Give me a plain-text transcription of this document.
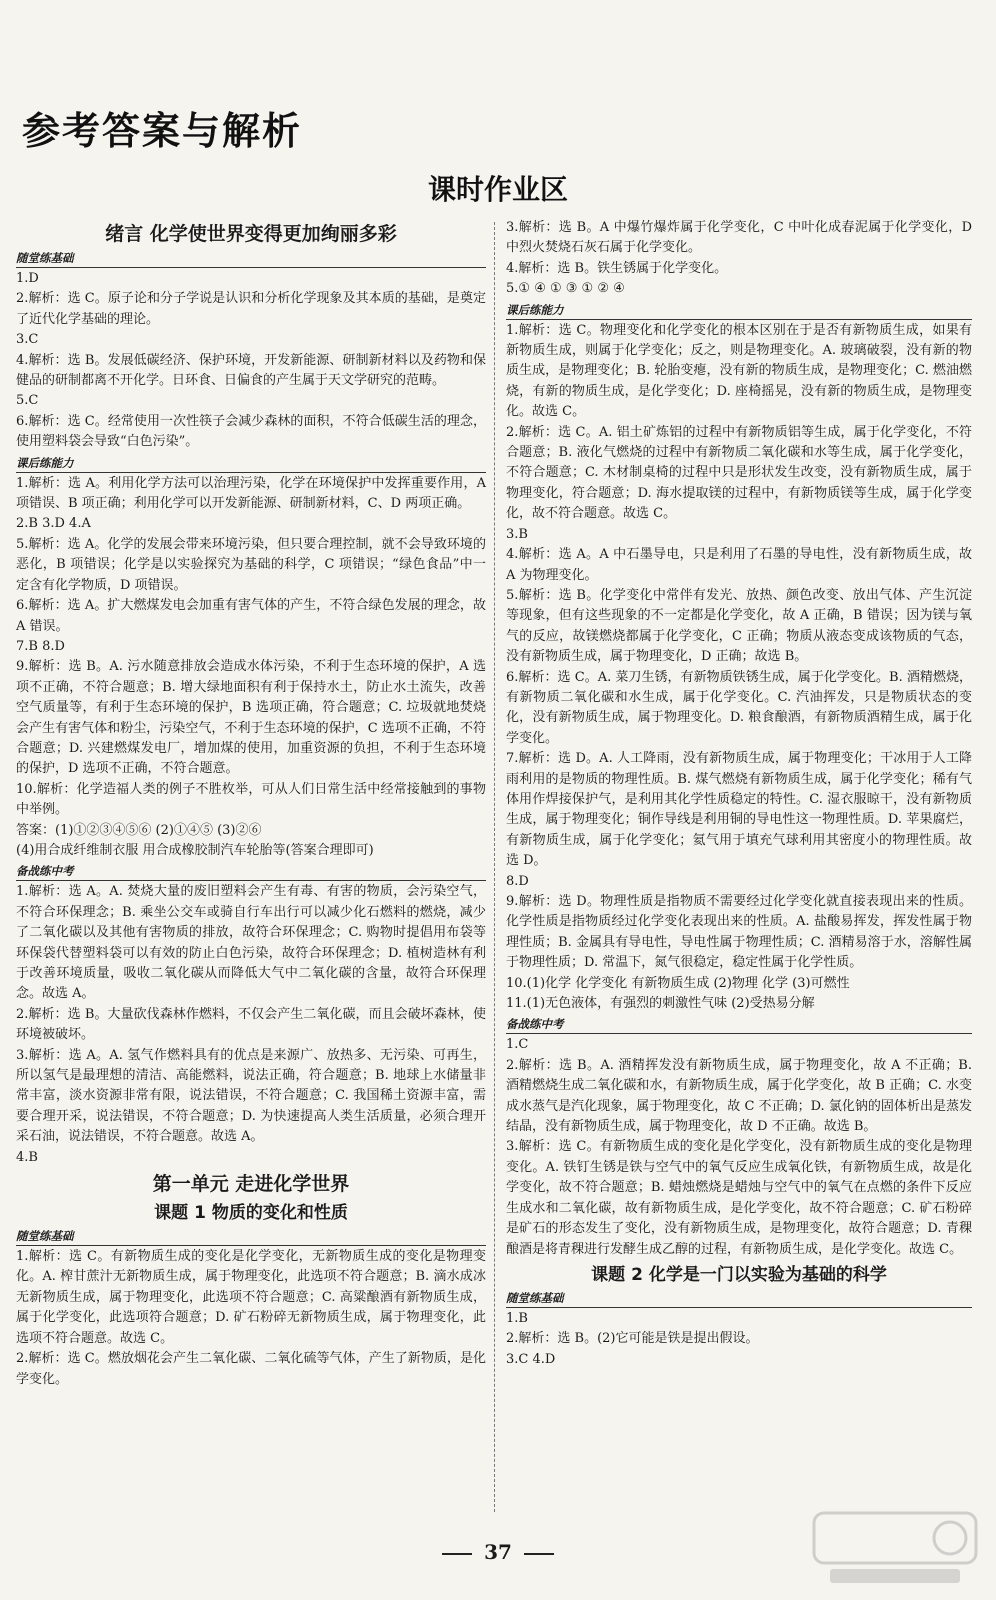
参考答案与解析
课时作业区
绪言 化学使世界变得更加绚丽多彩
随堂练基础
1.D
2.解析：选 C。原子论和分子学说是认识和分析化学现象及其本质的基础，是奠定了近代化学基础的理论。
3.C
4.解析：选 B。发展低碳经济、保护环境，开发新能源、研制新材料以及药物和保健品的研制都离不开化学。日环食、日偏食的产生属于天文学研究的范畴。
5.C
6.解析：选 C。经常使用一次性筷子会减少森林的面积，不符合低碳生活的理念，使用塑料袋会导致“白色污染”。
课后练能力
1.解析：选 A。利用化学方法可以治理污染，化学在环境保护中发挥重要作用，A 项错误、B 项正确；利用化学可以开发新能源、研制新材料，C、D 两项正确。
2.B 3.D 4.A
5.解析：选 A。化学的发展会带来环境污染，但只要合理控制，就不会导致环境的恶化，B 项错误；化学是以实验探究为基础的科学，C 项错误；“绿色食品”中一定含有化学物质，D 项错误。
6.解析：选 A。扩大燃煤发电会加重有害气体的产生，不符合绿色发展的理念，故 A 错误。
7.B 8.D
9.解析：选 B。A. 污水随意排放会造成水体污染，不利于生态环境的保护，A 选项不正确，不符合题意；B. 增大绿地面积有利于保持水土，防止水土流失，改善空气质量等，有利于生态环境的保护，B 选项正确，符合题意；C. 垃圾就地焚烧会产生有害气体和粉尘，污染空气，不利于生态环境的保护，C 选项不正确，不符合题意；D. 兴建燃煤发电厂，增加煤的使用，加重资源的负担，不利于生态环境的保护，D 选项不正确，不符合题意。
10.解析：化学造福人类的例子不胜枚举，可从人们日常生活中经常接触到的事物中举例。
答案：(1)①②③④⑤⑥ (2)①④⑤ (3)②⑥
(4)用合成纤维制衣服 用合成橡胶制汽车轮胎等(答案合理即可)
备战练中考
1.解析：选 A。A. 焚烧大量的废旧塑料会产生有毒、有害的物质，会污染空气，不符合环保理念；B. 乘坐公交车或骑自行车出行可以减少化石燃料的燃烧，减少了二氧化碳以及其他有害物质的排放，故符合环保理念；C. 购物时提倡用布袋等环保袋代替塑料袋可以有效的防止白色污染，故符合环保理念；D. 植树造林有利于改善环境质量，吸收二氧化碳从而降低大气中二氧化碳的含量，故符合环保理念。故选 A。
2.解析：选 B。大量砍伐森林作燃料，不仅会产生二氧化碳，而且会破坏森林，使环境被破坏。
3.解析：选 A。A. 氢气作燃料具有的优点是来源广、放热多、无污染、可再生，所以氢气是最理想的清洁、高能燃料，说法正确，符合题意；B. 地球上水储量非常丰富，淡水资源非常有限，说法错误，不符合题意；C. 我国稀土资源丰富，需要合理开采，说法错误，不符合题意；D. 为快速提高人类生活质量，必须合理开采石油，说法错误，不符合题意。故选 A。
4.B
第一单元 走进化学世界
课题 1 物质的变化和性质
随堂练基础
1.解析：选 C。有新物质生成的变化是化学变化，无新物质生成的变化是物理变化。A. 榨甘蔗汁无新物质生成，属于物理变化，此选项不符合题意；B. 滴水成冰无新物质生成，属于物理变化，此选项不符合题意；C. 高粱酿酒有新物质生成，属于化学变化，此选项符合题意；D. 矿石粉碎无新物质生成，属于物理变化，此选项不符合题意。故选 C。
2.解析：选 C。燃放烟花会产生二氧化碳、二氧化硫等气体，产生了新物质，是化学变化。
3.解析：选 B。A 中爆竹爆炸属于化学变化，C 中叶化成春泥属于化学变化，D 中烈火焚烧石灰石属于化学变化。
4.解析：选 B。铁生锈属于化学变化。
5.① ④ ① ③ ① ② ④
课后练能力
1.解析：选 C。物理变化和化学变化的根本区别在于是否有新物质生成，如果有新物质生成，则属于化学变化；反之，则是物理变化。A. 玻璃破裂，没有新的物质生成，是物理变化；B. 轮胎变瘪，没有新的物质生成，是物理变化；C. 燃油燃烧，有新的物质生成，是化学变化；D. 座椅摇晃，没有新的物质生成，是物理变化。故选 C。
2.解析：选 C。A. 铝土矿炼铝的过程中有新物质铝等生成，属于化学变化，不符合题意；B. 液化气燃烧的过程中有新物质二氧化碳和水等生成，属于化学变化，不符合题意；C. 木材制桌椅的过程中只是形状发生改变，没有新物质生成，属于物理变化，符合题意；D. 海水提取镁的过程中，有新物质镁等生成，属于化学变化，故不符合题意。故选 C。
3.B
4.解析：选 A。A 中石墨导电，只是利用了石墨的导电性，没有新物质生成，故 A 为物理变化。
5.解析：选 B。化学变化中常伴有发光、放热、颜色改变、放出气体、产生沉淀等现象，但有这些现象的不一定都是化学变化，故 A 正确，B 错误；因为镁与氧气的反应，故镁燃烧都属于化学变化，C 正确；物质从液态变成该物质的气态，没有新物质生成，属于物理变化，D 正确；故选 B。
6.解析：选 C。A. 菜刀生锈，有新物质铁锈生成，属于化学变化。B. 酒精燃烧，有新物质二氧化碳和水生成，属于化学变化。C. 汽油挥发，只是物质状态的变化，没有新物质生成，属于物理变化。D. 粮食酿酒，有新物质酒精生成，属于化学变化。
7.解析：选 D。A. 人工降雨，没有新物质生成，属于物理变化；干冰用于人工降雨利用的是物质的物理性质。B. 煤气燃烧有新物质生成，属于化学变化；稀有气体用作焊接保护气，是利用其化学性质稳定的特性。C. 湿衣服晾干，没有新物质生成，属于物理变化；铜作导线是利用铜的导电性这一物理性质。D. 苹果腐烂，有新物质生成，属于化学变化；氦气用于填充气球利用其密度小的物理性质。故选 D。
8.D
9.解析：选 D。物理性质是指物质不需要经过化学变化就直接表现出来的性质。化学性质是指物质经过化学变化表现出来的性质。A. 盐酸易挥发，挥发性属于物理性质；B. 金属具有导电性，导电性属于物理性质；C. 酒精易溶于水，溶解性属于物理性质；D. 常温下，氮气很稳定，稳定性属于化学性质。
10.(1)化学 化学变化 有新物质生成 (2)物理 化学 (3)可燃性
11.(1)无色液体，有强烈的刺激性气味 (2)受热易分解
备战练中考
1.C
2.解析：选 B。A. 酒精挥发没有新物质生成，属于物理变化，故 A 不正确；B. 酒精燃烧生成二氧化碳和水，有新物质生成，属于化学变化，故 B 正确；C. 水变成水蒸气是汽化现象，属于物理变化，故 C 不正确；D. 氯化钠的固体析出是蒸发结晶，没有新物质生成，属于物理变化，故 D 不正确。故选 B。
3.解析：选 C。有新物质生成的变化是化学变化，没有新物质生成的变化是物理变化。A. 铁钉生锈是铁与空气中的氧气反应生成氧化铁，有新物质生成，故是化学变化，故不符合题意；B. 蜡烛燃烧是蜡烛与空气中的氧气在点燃的条件下反应生成水和二氧化碳，故有新物质生成，是化学变化，故不符合题意；C. 矿石粉碎是矿石的形态发生了变化，没有新物质生成，是物理变化，故符合题意；D. 青稞酿酒是将青稞进行发酵生成乙醇的过程，有新物质生成，是化学变化。故选 C。
课题 2 化学是一门以实验为基础的科学
随堂练基础
1.B
2.解析：选 B。(2)它可能是铁是提出假设。
3.C 4.D
37
